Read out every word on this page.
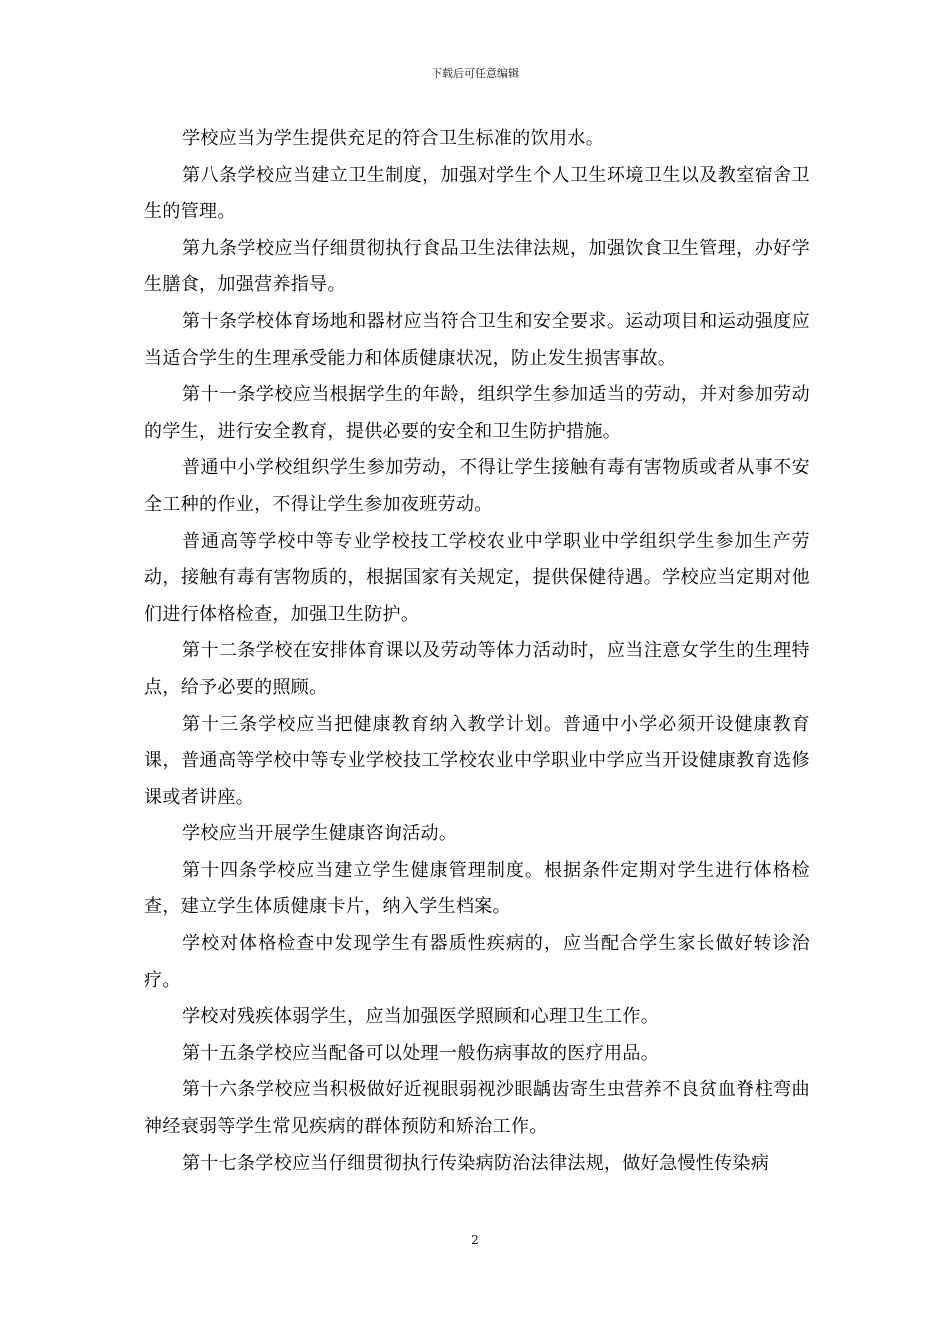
下载后可任意编辑

学校应当为学生提供充足的符合卫生标准的饮用水。

第八条学校应当建立卫生制度，加强对学生个人卫生环境卫生以及教室宿舍卫生的管理。

第九条学校应当仔细贯彻执行食品卫生法律法规，加强饮食卫生管理，办好学生膳食，加强营养指导。

第十条学校体育场地和器材应当符合卫生和安全要求。运动项目和运动强度应当适合学生的生理承受能力和体质健康状况，防止发生损害事故。

第十一条学校应当根据学生的年龄，组织学生参加适当的劳动，并对参加劳动的学生，进行安全教育，提供必要的安全和卫生防护措施。

普通中小学校组织学生参加劳动，不得让学生接触有毒有害物质或者从事不安全工种的作业，不得让学生参加夜班劳动。

普通高等学校中等专业学校技工学校农业中学职业中学组织学生参加生产劳动，接触有毒有害物质的，根据国家有关规定，提供保健待遇。学校应当定期对他们进行体格检查，加强卫生防护。

第十二条学校在安排体育课以及劳动等体力活动时，应当注意女学生的生理特点，给予必要的照顾。

第十三条学校应当把健康教育纳入教学计划。普通中小学必须开设健康教育课，普通高等学校中等专业学校技工学校农业中学职业中学应当开设健康教育选修课或者讲座。

学校应当开展学生健康咨询活动。

第十四条学校应当建立学生健康管理制度。根据条件定期对学生进行体格检查，建立学生体质健康卡片，纳入学生档案。

学校对体格检查中发现学生有器质性疾病的，应当配合学生家长做好转诊治疗。

学校对残疾体弱学生，应当加强医学照顾和心理卫生工作。

第十五条学校应当配备可以处理一般伤病事故的医疗用品。

第十六条学校应当积极做好近视眼弱视沙眼龋齿寄生虫营养不良贫血脊柱弯曲神经衰弱等学生常见疾病的群体预防和矫治工作。

第十七条学校应当仔细贯彻执行传染病防治法律法规，做好急慢性传染病

2
